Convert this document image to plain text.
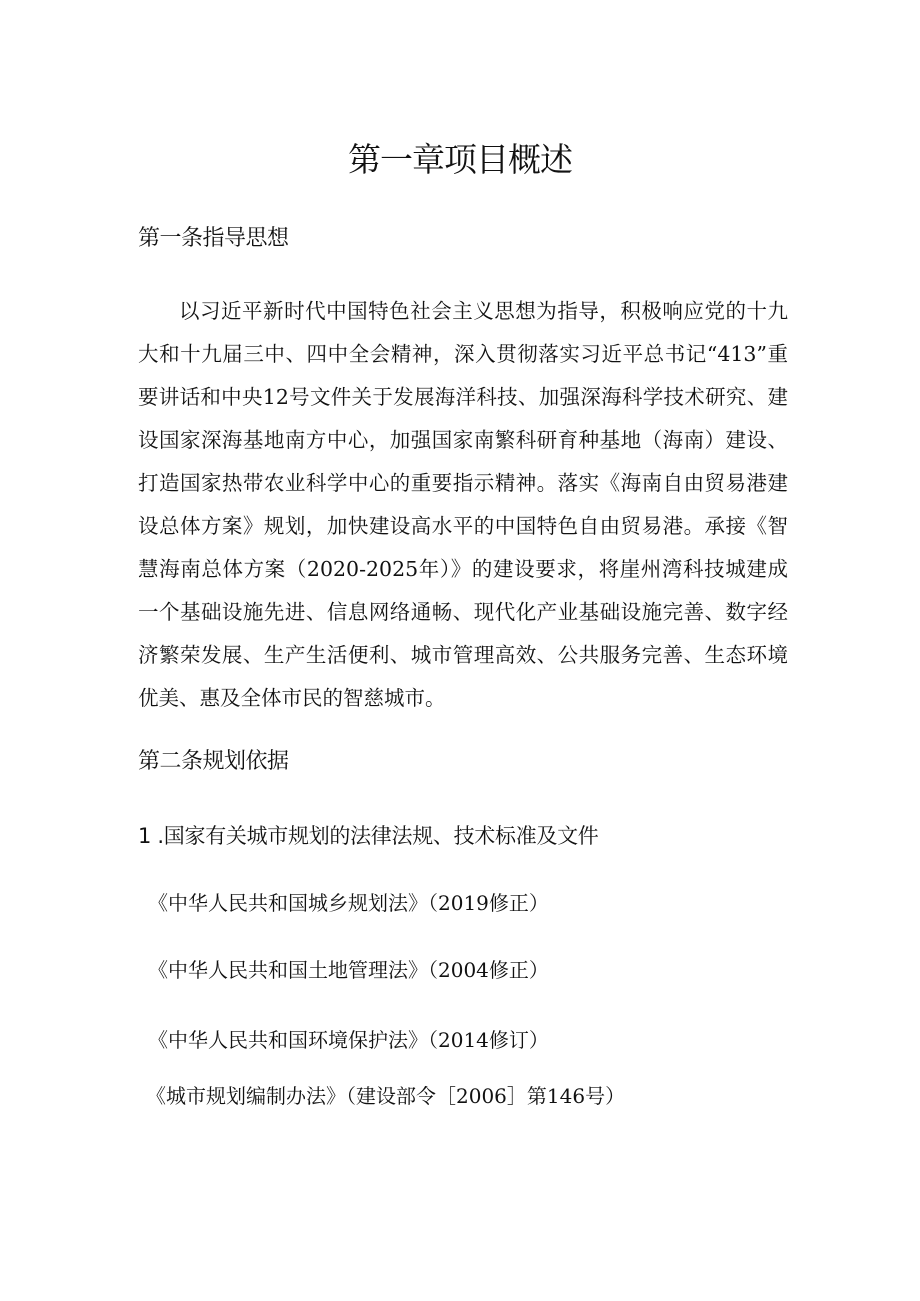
第一章项目概述
第一条指导思想

以习近平新时代中国特色社会主义思想为指导，积极响应党的十九大和十九届三中、四中全会精神，深入贯彻落实习近平总书记“413”重要讲话和中央12号文件关于发展海洋科技、加强深海科学技术研究、建设国家深海基地南方中心，加强国家南繁科研育种基地（海南）建设、打造国家热带农业科学中心的重要指示精神。落实《海南自由贸易港建设总体方案》规划，加快建设高水平的中国特色自由贸易港。承接《智慧海南总体方案（2020-2025年）》的建设要求，将崖州湾科技城建成一个基础设施先进、信息网络通畅、现代化产业基础设施完善、数字经济繁荣发展、生产生活便利、城市管理高效、公共服务完善、生态环境优美、惠及全体市民的智慈城市。

第二条规划依据
1 .国家有关城市规划的法律法规、技术标准及文件

《中华人民共和国城乡规划法》（2019修正）

《中华人民共和国土地管理法》（2004修正）

《中华人民共和国环境保护法》（2014修订）

《城市规划编制办法》（建设部令［2006］第146号）
